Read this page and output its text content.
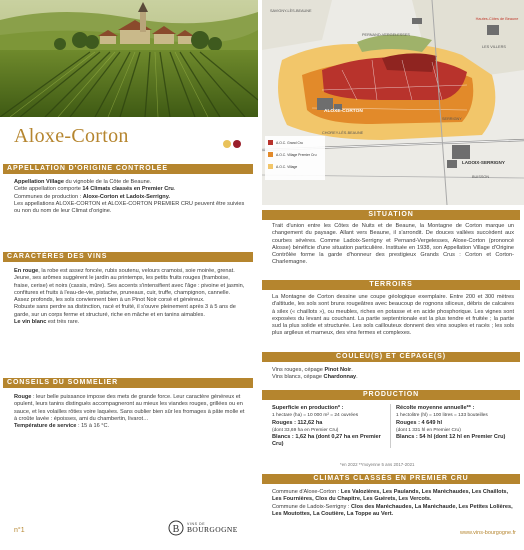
Hautes-Côtes de Beaune
ALOXE-CORTON
LADOIX-SERRIGNY
PERNAND-VERGELESSES
SAVIGNY-LÈS-BEAUNE
CHOREY-LÈS-BEAUNE
BUISSON
LES VILLERS
SERRIGNY
A.O.C. Grand Cru
A.O.C. Village Premier Cru
A.O.C. Village
Aloxe-Corton
APPELLATION D'ORIGINE CONTRÔLÉE

Appellation Village du vignoble de la Côte de Beaune.

Cette appellation comporte 14 Climats classés en Premier Cru.

Communes de production : Aloxe-Corton et Ladoix-Serrigny.

Les appellations ALOXE-CORTON et ALOXE-CORTON PREMIER CRU peuvent être suivies ou non du nom de leur Climat d'origine.

CARACTÈRES DES VINS

En rouge, la robe est assez foncée, rubis soutenu, velours cramoisi, soie moirée, grenat. Jeune, ses arômes suggèrent le jardin au printemps, les petits fruits rouges (framboise, fraise, cerise) et noirs (cassis, mûre). Ses accents s'intensifient avec l'âge : pivoine et jasmin, confitures et fruits à l'eau-de-vie, pistache, pruneaux, cuir, truffe, champignon, cannelle.

Assez profonds, les sols conviennent bien à un Pinot Noir corsé et généreux.

Robuste sans perdre sa distinction, racé et fruité, il s'ouvre pleinement après 3 à 5 ans de garde, sur un corps ferme et structuré, riche en mâche et en tanins aimables.

Le vin blanc est très rare.

CONSEILS DU SOMMELIER

Rouge : leur belle puissance impose des mets de grande force. Leur caractère généreux et opulent, leurs tanins distingués accompagneront au mieux les viandes rouges, grillées ou en sauce, et les volailles rôties voire laquées. Sans oublier bien sûr les fromages à pâte molle et à croûte lavée : époisses, ami du chambertin, livarot…

Température de service : 15 à 16 °C.

SITUATION
Trait d'union entre les Côtes de Nuits et de Beaune, la Montagne de Corton marque un changement du paysage. Allant vers Beaune, il s'arrondit. De douces vallées succèdent aux courbes sévères. Comme Ladoix-Serrigny et Pernand-Vergelesses, Aloxe-Corton (prononcé Alosse) bénéficie d'une situation particulière. Instituée en 1938, son Appellation Village d'Origine Contrôlée forme la garde d'honneur des prestigieux Grands Crus : Corton et Corton-Charlemagne.
TERROIRS
La Montagne de Corton dessine une coupe géologique exemplaire. Entre 200 et 300 mètres d'altitude, les sols sont bruns rougeâtres avec beaucoup de rognons siliceux, débris de calcaires à silex (« chaillots »), ou meubles, riches en potasse et en acide phosphorique. Les vignes sont exposées du levant au couchant. La partie septentrionale est la plus tendre et fruitée ; la partie sud la plus solide et structurée. Les sols caillouteux donnent des vins souples et racés ; les sols plus argileux et marneux, des vins fermes et complexes.
COULEU(S) ET CÉPAGE(S)

Vins rouges, cépage Pinot Noir.

Vins blancs, cépage Chardonnay.

PRODUCTION

Superficie en production* :

1 hectare (ha) = 10 000 m² = 24 ouvrées

Rouges : 112,62 ha

(dont 33,69 ha en Premier Cru)

Blancs : 1,62 ha (dont 0,27 ha en Premier Cru)

Récolte moyenne annuelle** :

1 hectolitre (hl) = 100 litres = 133 bouteilles

Rouges : 4 649 hl

(dont 1 331 hl en Premier Cru)

Blancs : 54 hl (dont 12 hl en Premier Cru)

*en 2022 **moyenne 5 ans 2017-2021
CLIMATS CLASSÉS EN PREMIER CRU

Commune d'Aloxe-Corton : Les Valozières, Les Paulands, Les Maréchaudes, Les Chaillots, Les Fournières, Clos du Chapitre, Les Guérets, Les Vercots.

Commune de Ladoix-Serrigny : Clos des Maréchaudes, La Maréchaude, Les Petites Lolières, Les Moutottes, La Coutière, La Toppe au Vert.

n°1	B
VINS DE
BOURGOGNE	www.vins-bourgogne.fr
